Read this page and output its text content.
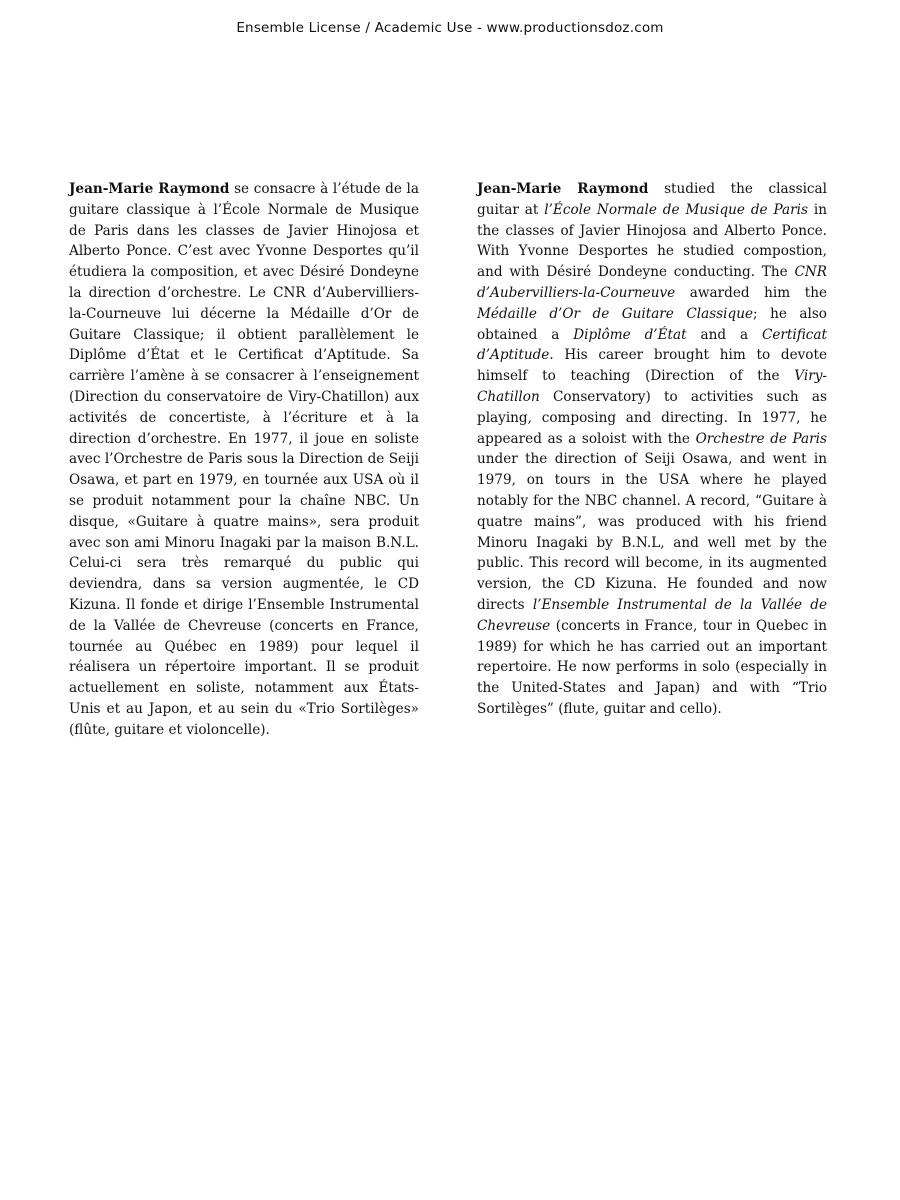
Ensemble License / Academic Use - www.productionsdoz.com

Jean-Marie Raymond se consacre à l’étude de la guitare classique à l’École Normale de Musique de Paris dans les classes de Javier Hinojosa et Alberto Ponce. C’est avec Yvonne Desportes qu’il étudiera la composition, et avec Désiré Dondeyne la direction d’orchestre. Le CNR d’Aubervilliers-la-Courneuve lui décerne la Médaille d’Or de Guitare Classique; il obtient parallèlement le Diplôme d’État et le Certificat d’Aptitude. Sa carrière l’amène à se consacrer à l’enseignement (Direction du conservatoire de Viry-Chatillon) aux activités de concertiste, à l’écriture et à la direction d’orchestre. En 1977, il joue en soliste avec l’Orchestre de Paris sous la Direction de Seiji Osawa, et part en 1979, en tournée aux USA où il se produit notamment pour la chaîne NBC. Un disque, «Guitare à quatre mains», sera produit avec son ami Minoru Inagaki par la maison B.N.L. Celui-ci sera très remarqué du public qui deviendra, dans sa version augmentée, le CD Kizuna. Il fonde et dirige l’Ensemble Instrumental de la Vallée de Chevreuse (concerts en France, tournée au Québec en 1989) pour lequel il réalisera un répertoire important. Il se produit actuellement en soliste, notamment aux États-Unis et au Japon, et au sein du «Trio Sortilèges» (flûte, guitare et violoncelle).

Jean-Marie Raymond studied the classical guitar at l’École Normale de Musique de Paris in the classes of Javier Hinojosa and Alberto Ponce. With Yvonne Desportes he studied compostion, and with Désiré Dondeyne conducting. The CNR d’Aubervilliers-la-Courneuve awarded him the Médaille d’Or de Guitare Classique; he also obtained a Diplôme d’État and a Certificat d’Aptitude. His career brought him to devote himself to teaching (Direction of the Viry-Chatillon Conservatory) to activities such as playing, composing and directing. In 1977, he appeared as a soloist with the Orchestre de Paris under the direction of Seiji Osawa, and went in 1979, on tours in the USA where he played notably for the NBC channel. A record, “Guitare à quatre mains”, was produced with his friend Minoru Inagaki by B.N.L, and well met by the public. This record will become, in its augmented version, the CD Kizuna. He founded and now directs l’Ensemble Instrumental de la Vallée de Chevreuse (concerts in France, tour in Quebec in 1989) for which he has carried out an important repertoire. He now performs in solo (especially in the United-States and Japan) and with “Trio Sortilèges” (flute, guitar and cello).
